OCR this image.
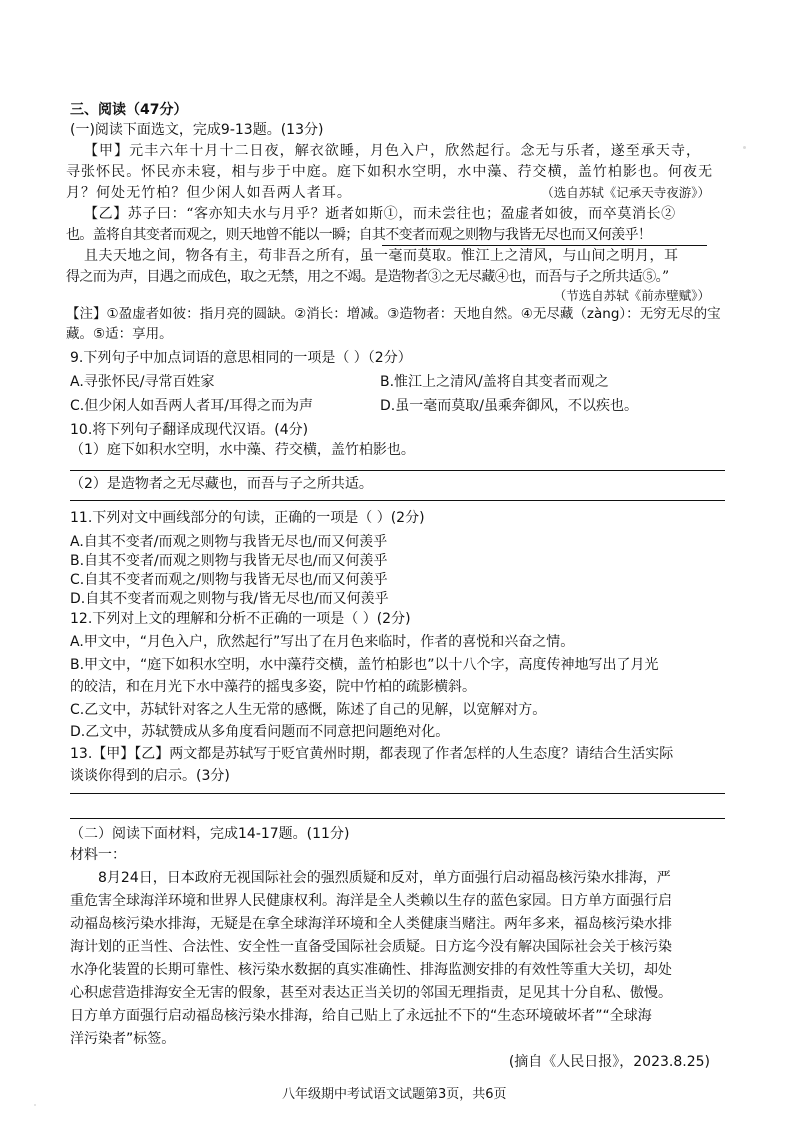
三、阅读（47分）
(一)阅读下面选文，完成9-13题。(13分)
【甲】元丰六年十月十二日夜，解衣欲睡，月色入户，欣然起行。念无与乐者，遂至承天寺，
寻张怀民。怀民亦未寝，相与步于中庭。庭下如积水空明，水中藻、荇交横，盖竹柏影也。何夜无
月？何处无竹柏？但少闲人如吾两人者耳。	（选自苏轼《记承天寺夜游》）
【乙】苏子曰：“客亦知夫水与月乎？逝者如斯①，而未尝往也；盈虚者如彼，而卒莫消长②
也。盖将自其变者而观之，则天地曾不能以一瞬；自其不变者而观之则物与我皆无尽也而又何羡乎！
且夫天地之间，物各有主，苟非吾之所有，虽一毫而莫取。惟江上之清风，与山间之明月，耳
得之而为声，目遇之而成色，取之无禁，用之不竭。是造物者③之无尽藏④也，而吾与子之所共适⑤。”
（节选自苏轼《前赤壁赋》）
【注】①盈虚者如彼：指月亮的圆缺。②消长：增减。③造物者：天地自然。④无尽藏（zàng）：无穷无尽的宝
藏。⑤适：享用。
9.下列句子中加点词语的意思相同的一项是（ ）（2分）
A.寻张怀民/寻常百姓家	B.惟江上之清风/盖将自其变者而观之
C.但少闲人如吾两人者耳/耳得之而为声	D.虽一毫而莫取/虽乘奔御风，不以疾也。
10.将下列句子翻译成现代汉语。(4分)
（1）庭下如积水空明，水中藻、荇交横，盖竹柏影也。
（2）是造物者之无尽藏也，而吾与子之所共适。
11.下列对文中画线部分的句读，正确的一项是（ ）(2分)
A.自其不变者/而观之则物与我皆无尽也/而又何羡乎
B.自其不变者/而观之则物与我皆无尽也/而又何羡乎
C.自其不变者而观之/则物与我皆无尽也/而又何羡乎
D.自其不变者而观之则物与我/皆无尽也/而又何羡乎
12.下列对上文的理解和分析不正确的一项是（ ）(2分)
A.甲文中，“月色入户，欣然起行”写出了在月色来临时，作者的喜悦和兴奋之情。
B.甲文中，“庭下如积水空明，水中藻荇交横，盖竹柏影也”以十八个字，高度传神地写出了月光
的皎洁，和在月光下水中藻荇的摇曳多姿，院中竹柏的疏影横斜。
C.乙文中，苏轼针对客之人生无常的感慨，陈述了自己的见解，以宽解对方。
D.乙文中，苏轼赞成从多角度看问题而不同意把问题绝对化。
13.【甲】【乙】两文都是苏轼写于贬官黄州时期，都表现了作者怎样的人生态度？请结合生活实际
谈谈你得到的启示。(3分)
（二）阅读下面材料，完成14-17题。(11分)
材料一：
8月24日，日本政府无视国际社会的强烈质疑和反对，单方面强行启动福岛核污染水排海，严
重危害全球海洋环境和世界人民健康权利。海洋是全人类赖以生存的蓝色家园。日方单方面强行启
动福岛核污染水排海，无疑是在拿全球海洋环境和全人类健康当赌注。两年多来，福岛核污染水排
海计划的正当性、合法性、安全性一直备受国际社会质疑。日方迄今没有解决国际社会关于核污染
水净化装置的长期可靠性、核污染水数据的真实准确性、排海监测安排的有效性等重大关切，却处
心积虑营造排海安全无害的假象，甚至对表达正当关切的邻国无理指责，足见其十分自私、傲慢。
日方单方面强行启动福岛核污染水排海，给自己贴上了永远扯不下的“生态环境破坏者”“全球海
洋污染者”标签。
(摘自《人民日报》，2023.8.25)
八年级期中考试语文试题第3页，共6页
